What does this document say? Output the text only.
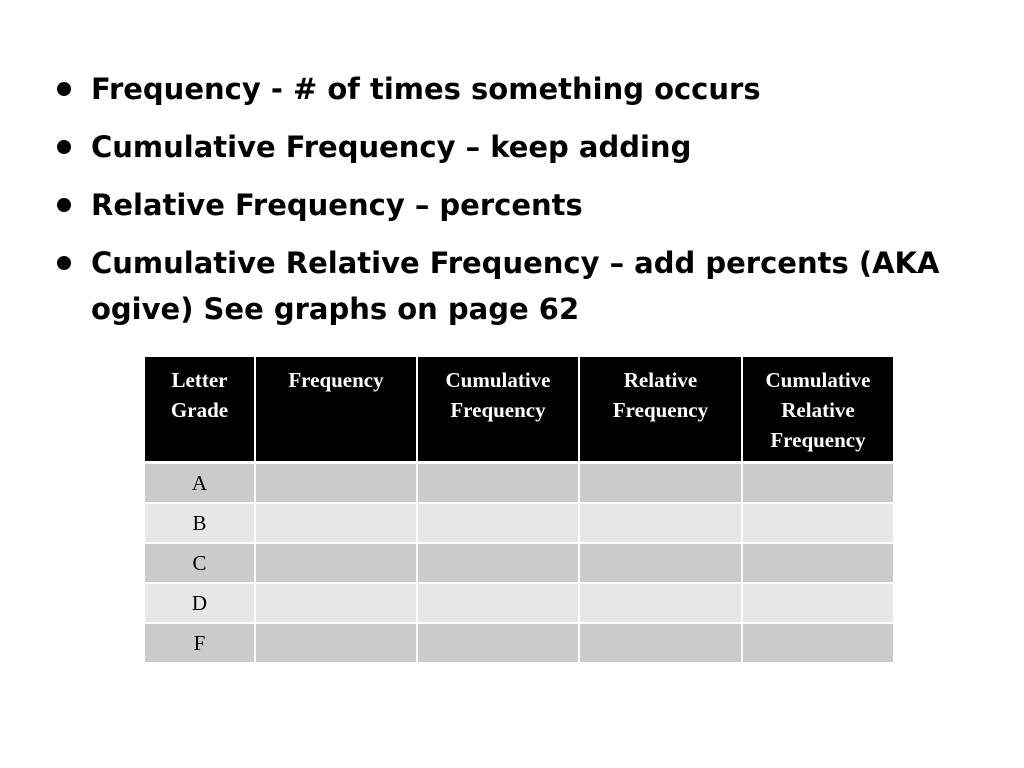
Frequency - # of times something occurs
Cumulative Frequency – keep adding
Relative Frequency – percents
Cumulative Relative Frequency – add percents (AKA ogive) See graphs on page 62
Letter Grade	Frequency	Cumulative Frequency	Relative Frequency	Cumulative Relative Frequency
A				
B				
C				
D				
F				
